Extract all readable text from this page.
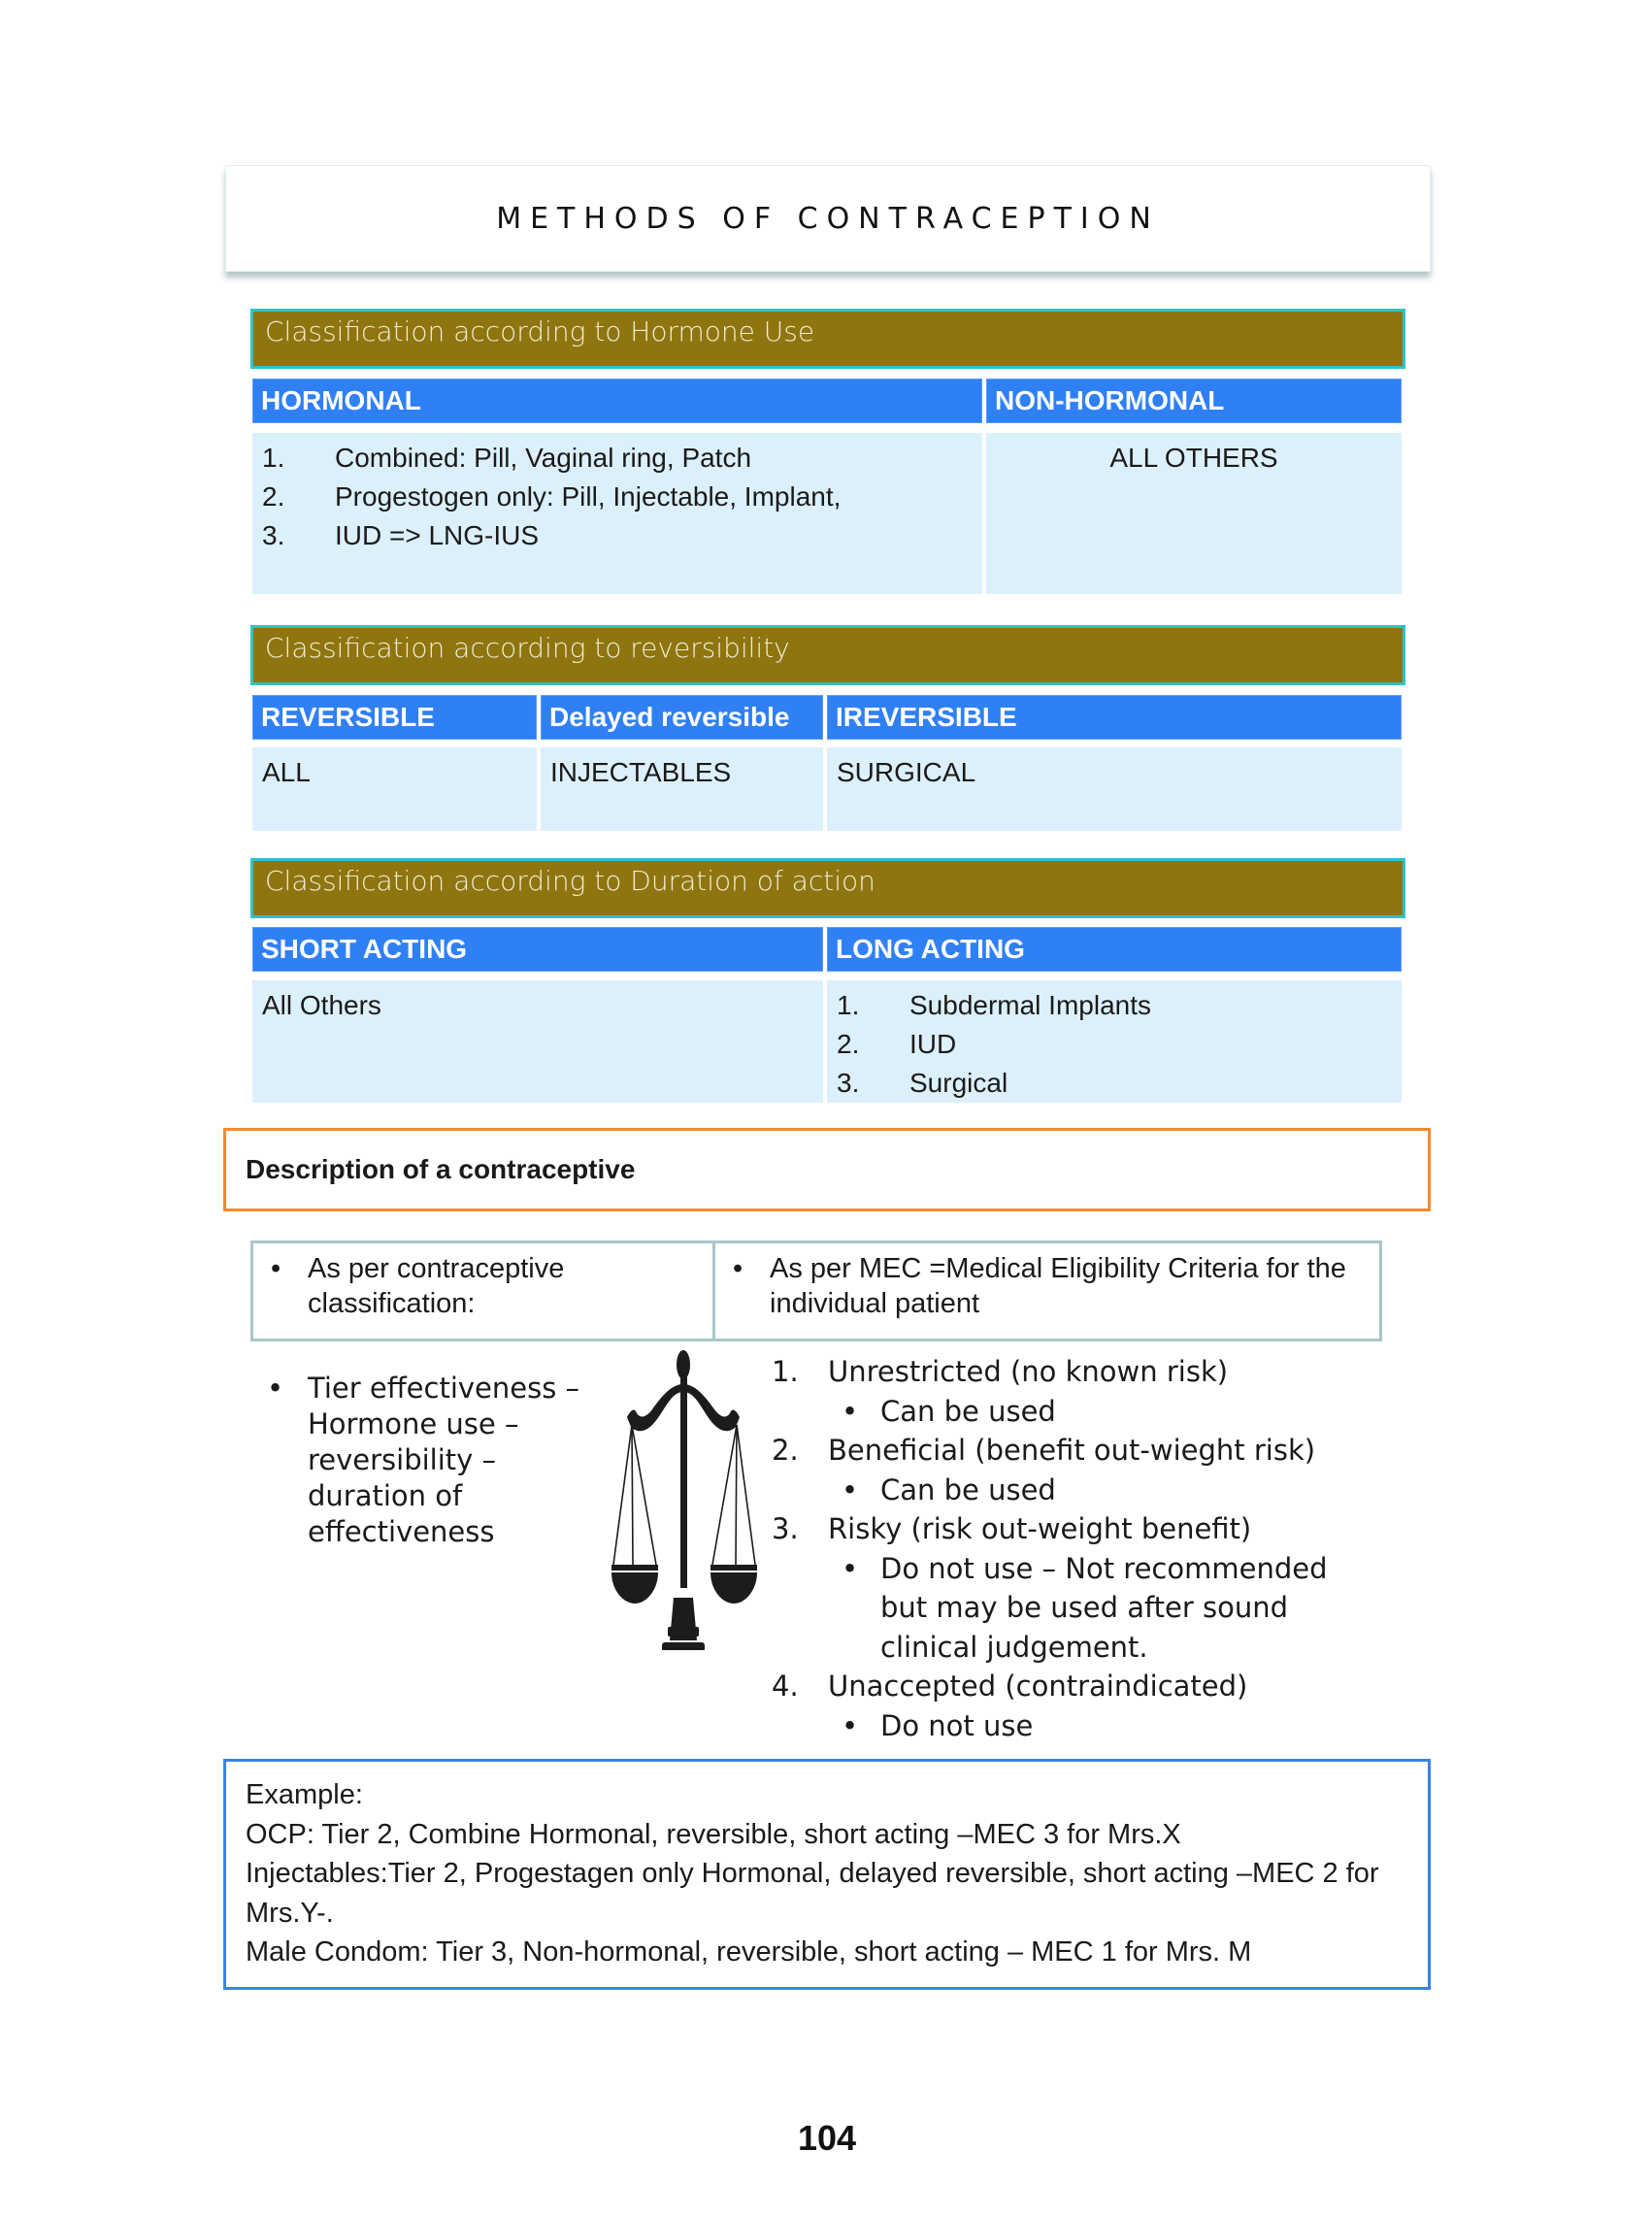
METHODS OF CONTRACEPTION
Classification according to Hormone Use
HORMONAL	NON-HORMONAL
1.	Combined: Pill, Vaginal ring, Patch
2.	Progestogen only: Pill, Injectable, Implant,
3.	IUD => LNG-IUS
ALL OTHERS
Classification according to reversibility
REVERSIBLE	Delayed reversible	IREVERSIBLE
ALL	INJECTABLES	SURGICAL
Classification according to Duration of action
SHORT ACTING	LONG ACTING
All Others	1.	Subdermal Implants
2.	IUD
3.	Surgical
Description of a contraceptive
• As per contraceptive classification:
• As per MEC =Medical Eligibility Criteria for the individual patient
• Tier effectiveness – Hormone use – reversibility – duration of effectiveness
1.	Unrestricted (no known risk)
• Can be used
2.	Beneficial (benefit out-wieght risk)
• Can be used
3.	Risky (risk out-weight benefit)
• Do not use – Not recommended but may be used after sound clinical judgement.
4.	Unaccepted (contraindicated)
• Do not use
Example:
OCP: Tier 2, Combine Hormonal, reversible, short acting –MEC 3 for Mrs.X
Injectables:Tier 2, Progestagen only Hormonal, delayed reversible, short acting –MEC 2 for Mrs.Y-.
Male Condom: Tier 3, Non-hormonal, reversible, short acting – MEC 1 for Mrs. M
104
